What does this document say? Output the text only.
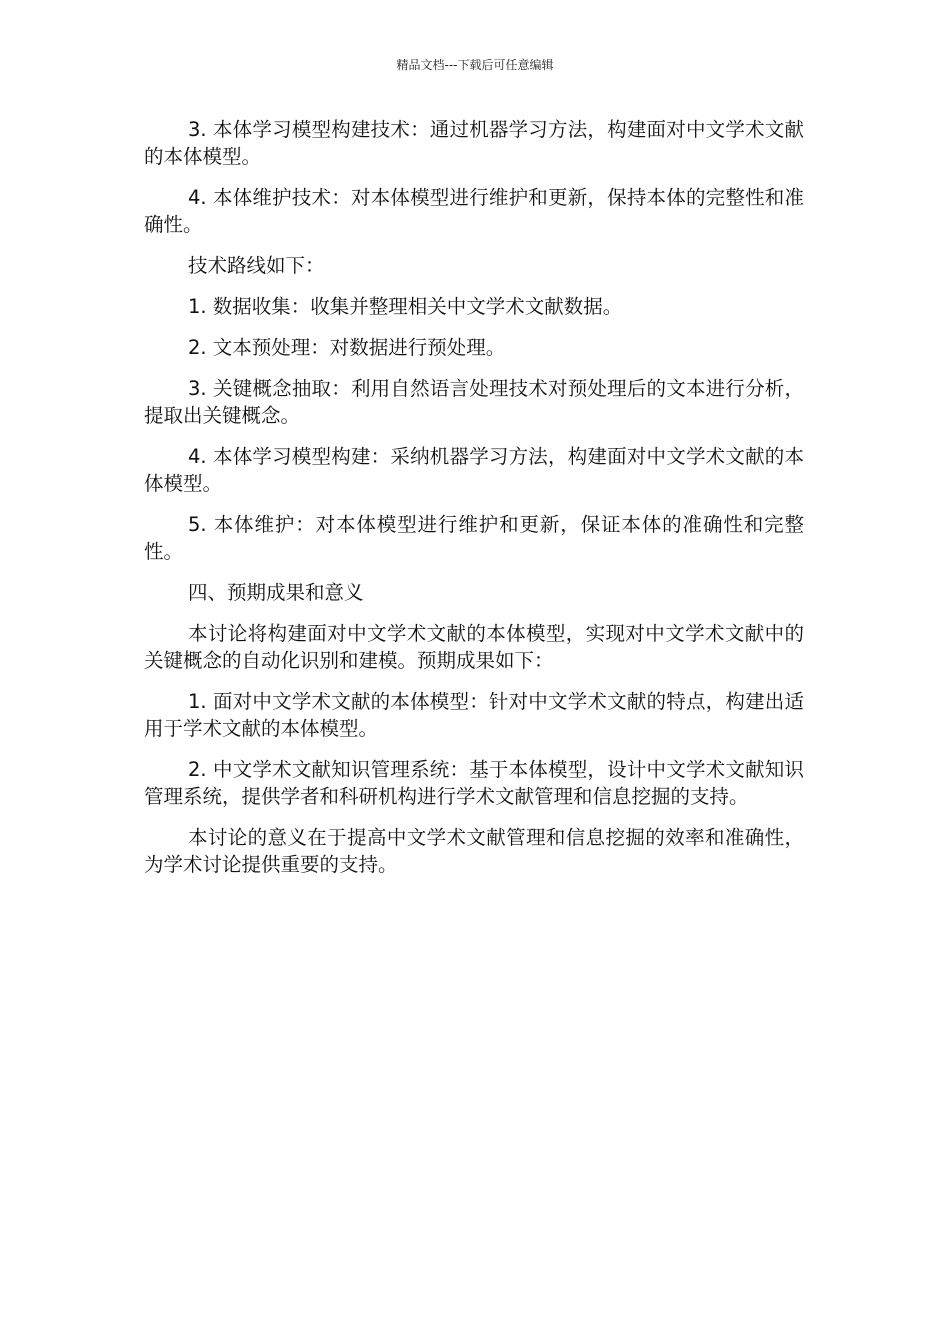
精品文档---下载后可任意编辑

3. 本体学习模型构建技术：通过机器学习方法，构建面对中文学术文献的本体模型。

4. 本体维护技术：对本体模型进行维护和更新，保持本体的完整性和准确性。

技术路线如下：

1. 数据收集：收集并整理相关中文学术文献数据。

2. 文本预处理：对数据进行预处理。

3. 关键概念抽取：利用自然语言处理技术对预处理后的文本进行分析，提取出关键概念。

4. 本体学习模型构建：采纳机器学习方法，构建面对中文学术文献的本体模型。

5. 本体维护：对本体模型进行维护和更新，保证本体的准确性和完整性。

四、预期成果和意义

本讨论将构建面对中文学术文献的本体模型，实现对中文学术文献中的关键概念的自动化识别和建模。预期成果如下：

1. 面对中文学术文献的本体模型：针对中文学术文献的特点，构建出适用于学术文献的本体模型。

2. 中文学术文献知识管理系统：基于本体模型，设计中文学术文献知识管理系统，提供学者和科研机构进行学术文献管理和信息挖掘的支持。

本讨论的意义在于提高中文学术文献管理和信息挖掘的效率和准确性，为学术讨论提供重要的支持。
